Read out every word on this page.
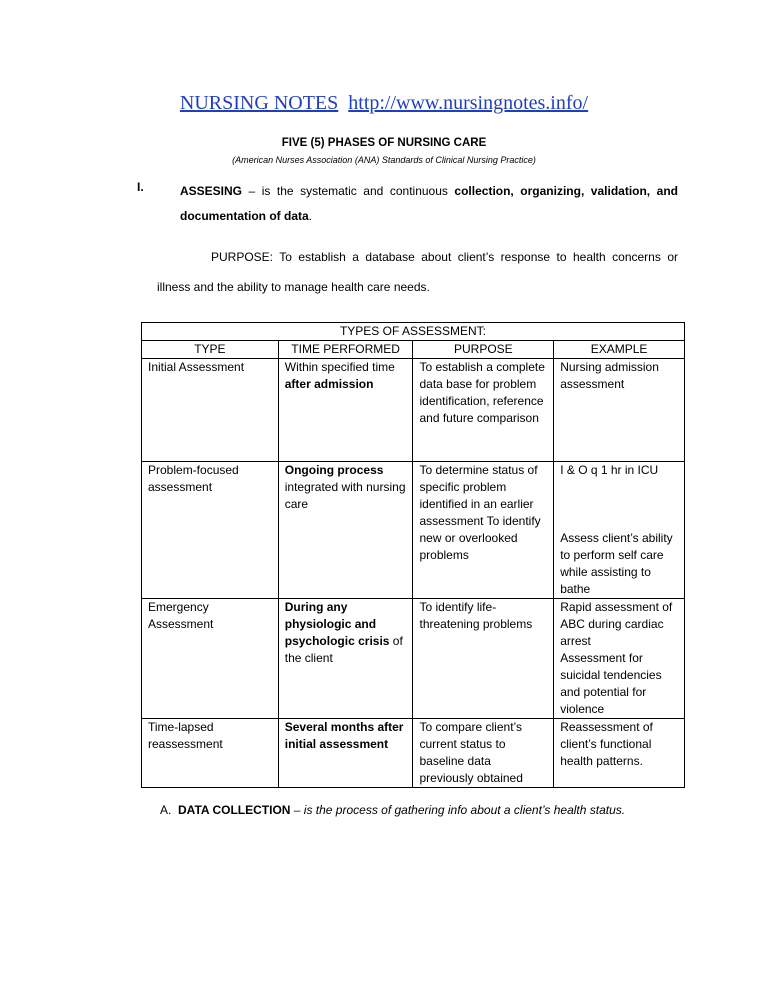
NURSING NOTES http://www.nursingnotes.info/
FIVE (5) PHASES OF NURSING CARE
(American Nurses Association (ANA) Standards of Clinical Nursing Practice)
I.	ASSESING – is the systematic and continuous collection, organizing, validation, and documentation of data.
PURPOSE: To establish a database about client’s response to health concerns or illness and the ability to manage health care needs.
TYPES OF ASSESSMENT:			
TYPE	TIME PERFORMED	PURPOSE	EXAMPLE
Initial Assessment	Within specified time after admission	To establish a complete data base for problem identification, reference and future comparison	Nursing admission assessment

Problem-focused assessment	Ongoing process integrated with nursing care	To determine status of specific problem identified in an earlier assessment To identify new or overlooked problems	I & O q 1 hr in ICU
Assess client’s ability to perform self care while assisting to bathe

Emergency Assessment	During any physiologic and psychologic crisis of the client	To identify life-threatening problems	Rapid assessment of ABC during cardiac arrest
Assessment for suicidal tendencies and potential for violence

Time-lapsed reassessment	Several months after initial assessment	To compare client’s current status to baseline data previously obtained	Reassessment of client’s functional health patterns.
A. DATA COLLECTION – is the process of gathering info about a client’s health status.
